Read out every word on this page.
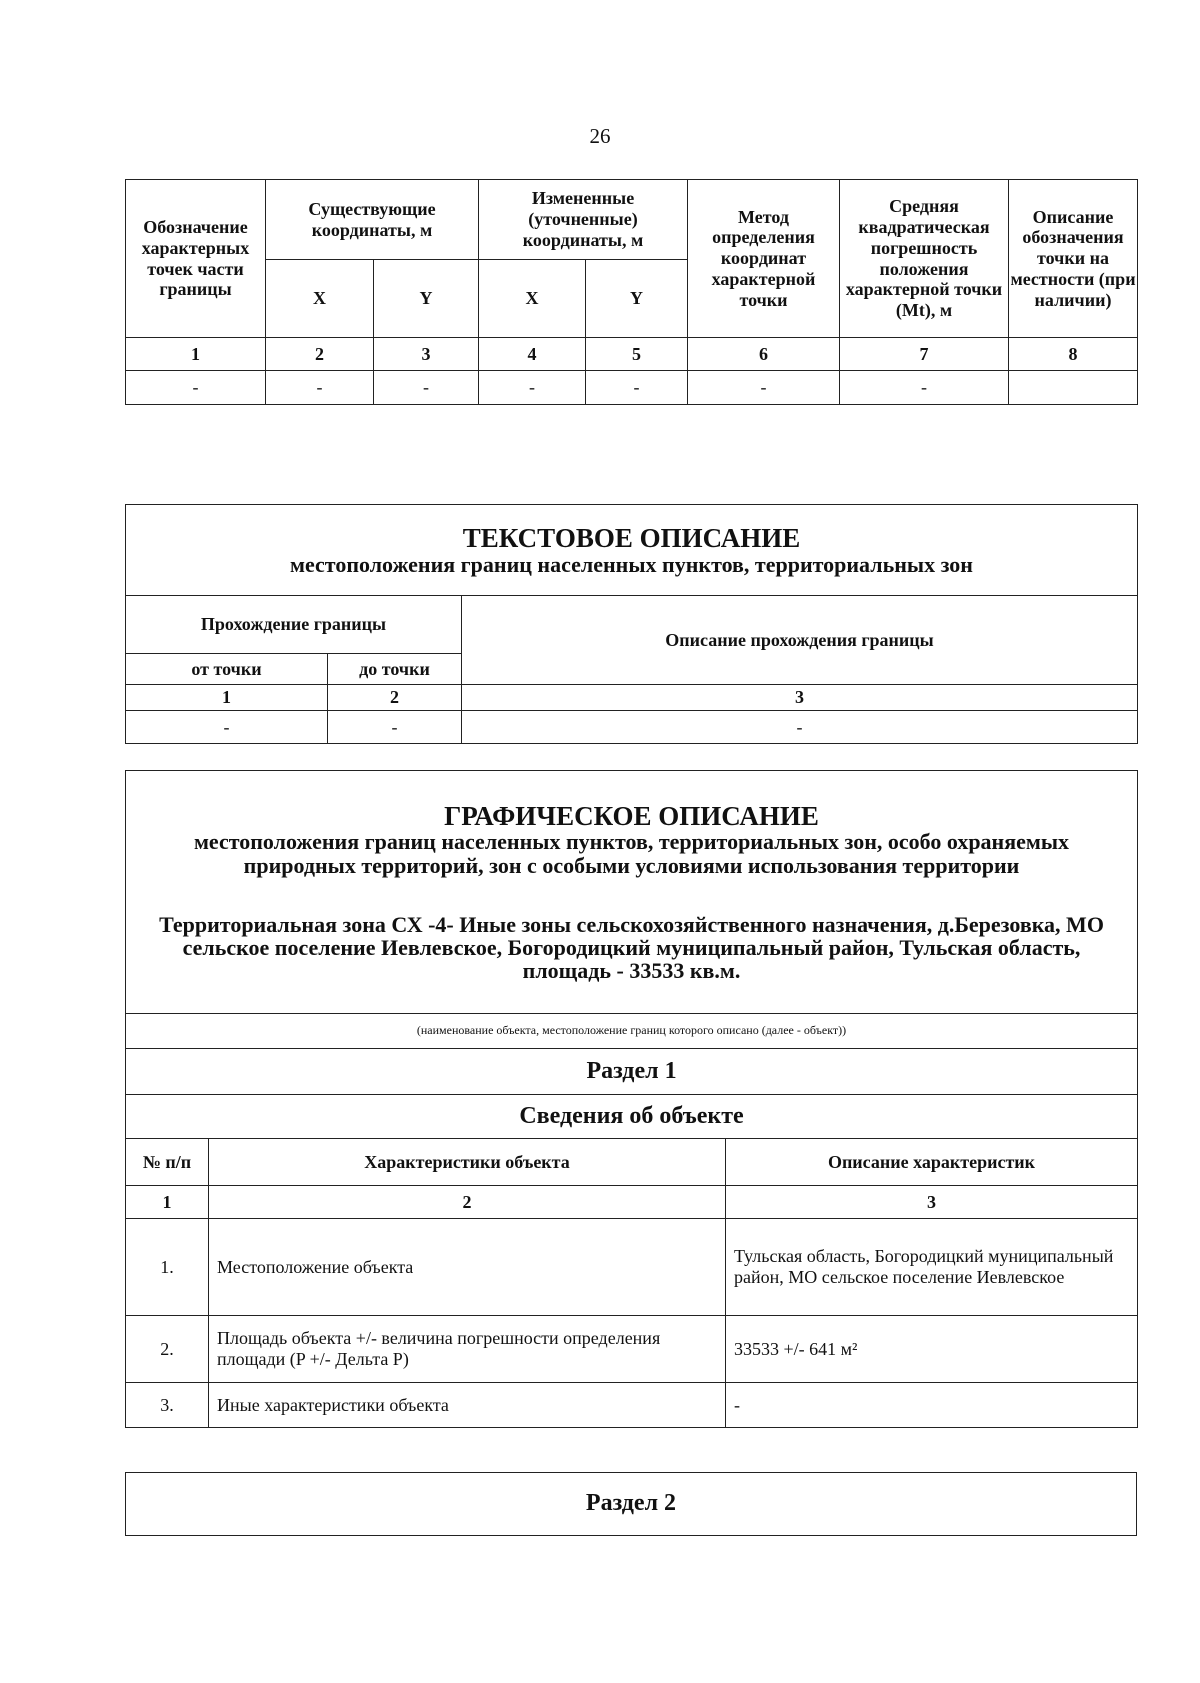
26
Обозначение характерных точек части границы	Существующие координаты, м		Измененные (уточненные) координаты, м		Метод определения координат характерной точки	Средняя квадратическая погрешность положения характерной точки (Mt), м	Описание обозначения точки на местности (при наличии)
	X	Y	X	Y			
1	2	3	4	5	6	7	8
-	-	-	-	-	-	-	
ТЕКСТОВОЕ ОПИСАНИЕ
местоположения границ населенных пунктов, территориальных зон		

Прохождение границы		Описание прохождения границы
от точки	до точки	
1	2	3
-	-	-
ГРАФИЧЕСКОЕ ОПИСАНИЕ
местоположения границ населенных пунктов, территориальных зон, особо охраняемых природных территорий, зон с особыми условиями использования территории
Территориальная зона СХ -4- Иные зоны сельскохозяйственного назначения, д.Березовка, МО сельское поселение Иевлевское, Богородицкий муниципальный район, Тульская область, площадь - 33533 кв.м.		

(наименование объекта, местоположение границ которого описано (далее - объект))		
Раздел 1		
Сведения об объекте		
№ п/п	Характеристики объекта	Описание характеристик
1	2	3
1.	Местоположение объекта	Тульская область, Богородицкий муниципальный район, МО сельское поселение Иевлевское
2.	Площадь объекта +/- величина погрешности определения площади (P +/- Дельта P)	33533 +/- 641 м²
3.	Иные характеристики объекта	-
Раздел 2
